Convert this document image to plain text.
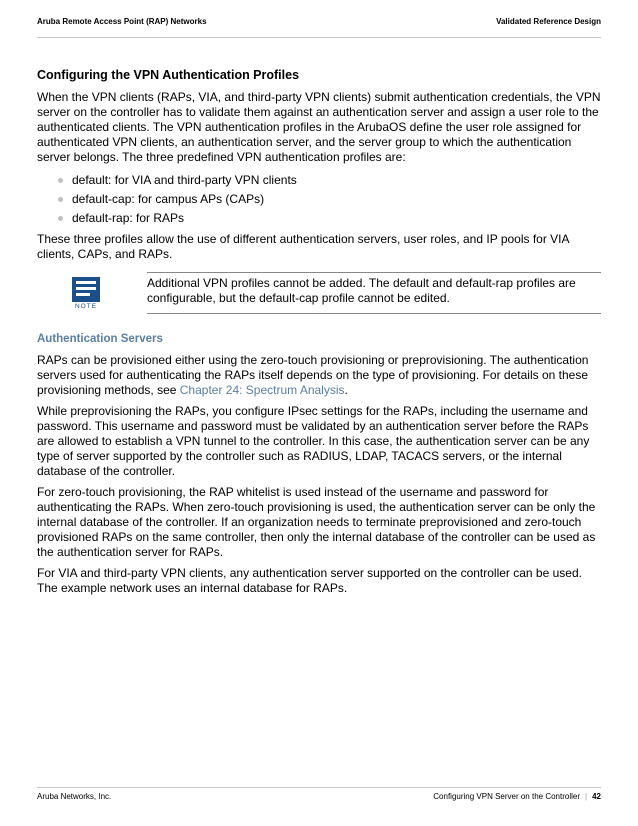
Aruba Remote Access Point (RAP) Networks	Validated Reference Design
Configuring the VPN Authentication Profiles

When the VPN clients (RAPs, VIA, and third-party VPN clients) submit authentication credentials, the VPN server on the controller has to validate them against an authentication server and assign a user role to the authenticated clients. The VPN authentication profiles in the ArubaOS define the user role assigned for authenticated VPN clients, an authentication server, and the server group to which the authentication server belongs. The three predefined VPN authentication profiles are:

default: for VIA and third-party VPN clients
default-cap: for campus APs (CAPs)
default-rap: for RAPs

These three profiles allow the use of different authentication servers, user roles, and IP pools for VIA clients, CAPs, and RAPs.

NOTE
Additional VPN profiles cannot be added. The default and default-rap profiles are configurable, but the default-cap profile cannot be edited.
Authentication Servers

RAPs can be provisioned either using the zero-touch provisioning or preprovisioning. The authentication servers used for authenticating the RAPs itself depends on the type of provisioning. For details on these provisioning methods, see Chapter 24: Spectrum Analysis.

While preprovisioning the RAPs, you configure IPsec settings for the RAPs, including the username and password. This username and password must be validated by an authentication server before the RAPs are allowed to establish a VPN tunnel to the controller. In this case, the authentication server can be any type of server supported by the controller such as RADIUS, LDAP, TACACS servers, or the internal database of the controller.

For zero-touch provisioning, the RAP whitelist is used instead of the username and password for authenticating the RAPs. When zero-touch provisioning is used, the authentication server can be only the internal database of the controller. If an organization needs to terminate preprovisioned and zero-touch provisioned RAPs on the same controller, then only the internal database of the controller can be used as the authentication server for RAPs.

For VIA and third-party VPN clients, any authentication server supported on the controller can be used. The example network uses an internal database for RAPs.

Aruba Networks, Inc.	Configuring VPN Server on the Controller | 42
